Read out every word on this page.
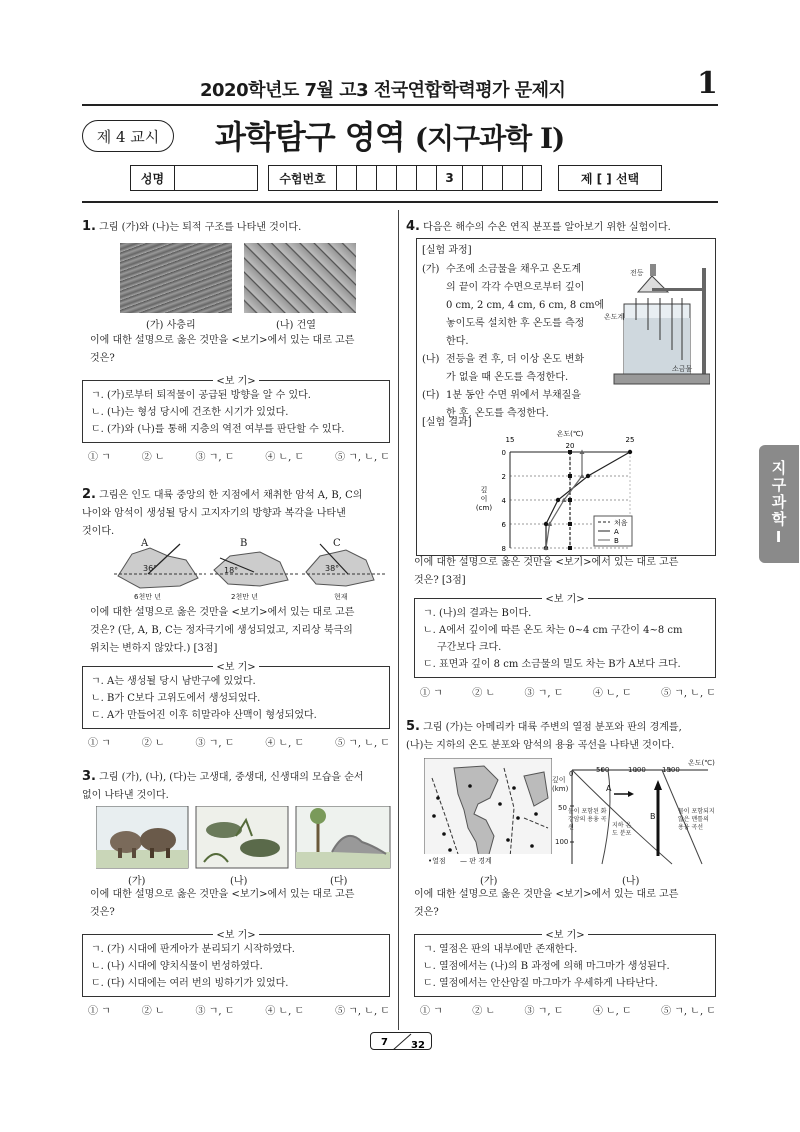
2020학년도 7월 고3 전국연합학력평가 문제지	1
제 4 교시	과학탐구 영역 (지구과학 Ⅰ)
성명	수험번호	3	제 [ ] 선택
지구과학Ⅰ
1. 그림 (가)와 (나)는 퇴적 구조를 나타낸 것이다.
(가) 사층리	(나) 건열
이에 대한 설명으로 옳은 것만을 <보기>에서 있는 대로 고른
것은?
<보 기>
ㄱ. (가)로부터 퇴적물이 공급된 방향을 알 수 있다.
ㄴ. (나)는 형성 당시에 건조한 시기가 있었다.
ㄷ. (가)와 (나)를 통해 지층의 역전 여부를 판단할 수 있다.
① ㄱ	② ㄴ	③ ㄱ, ㄷ	④ ㄴ, ㄷ	⑤ ㄱ, ㄴ, ㄷ
2. 그림은 인도 대륙 중앙의 한 지점에서 채취한 암석 A, B, C의
나이와 암석이 생성될 당시 고지자기의 방향과 복각을 나타낸
것이다.
A	B	C
36°	18°	38°
6천만 년	2천만 년	현재
이에 대한 설명으로 옳은 것만을 <보기>에서 있는 대로 고른
것은? (단, A, B, C는 정자극기에 생성되었고, 지리상 북극의
위치는 변하지 않았다.) [3점]
<보 기>
ㄱ. A는 생성될 당시 남반구에 있었다.
ㄴ. B가 C보다 고위도에서 생성되었다.
ㄷ. A가 만들어진 이후 히말라야 산맥이 형성되었다.
① ㄱ	② ㄴ	③ ㄱ, ㄷ	④ ㄴ, ㄷ	⑤ ㄱ, ㄴ, ㄷ
3. 그림 (가), (나), (다)는 고생대, 중생대, 신생대의 모습을 순서
없이 나타낸 것이다.
(가)	(나)	(다)
이에 대한 설명으로 옳은 것만을 <보기>에서 있는 대로 고른
것은?
<보 기>
ㄱ. (가) 시대에 판게아가 분리되기 시작하였다.
ㄴ. (나) 시대에 양치식물이 번성하였다.
ㄷ. (다) 시대에는 여러 번의 빙하기가 있었다.
① ㄱ	② ㄴ	③ ㄱ, ㄷ	④ ㄴ, ㄷ	⑤ ㄱ, ㄴ, ㄷ
4. 다음은 해수의 수온 연직 분포를 알아보기 위한 실험이다.
[실험 과정]
(가) 수조에 소금물을 채우고 온도계
의 끝이 각각 수면으로부터 깊이
0 cm, 2 cm, 4 cm, 6 cm, 8 cm에
놓이도록 설치한 후 온도를 측정
한다.
(나) 전등을 켠 후, 더 이상 온도 변화
가 없을 때 온도를 측정한다.
(다) 1분 동안 수면 위에서 부채질을
한 후, 온도를 측정한다.
전등
온도계
소금물
[실험 결과]
온도(℃)
15
20
25
0
2
4
6
8
깊 이 (cm)
처음
A
B
이에 대한 설명으로 옳은 것만을 <보기>에서 있는 대로 고른
것은? [3점]
<보 기>
ㄱ. (나)의 결과는 B이다.
ㄴ. A에서 깊이에 따른 온도 차는 0~4 cm 구간이 4~8 cm
구간보다 크다.
ㄷ. 표면과 깊이 8 cm 소금물의 밀도 차는 B가 A보다 크다.
① ㄱ	② ㄴ	③ ㄱ, ㄷ	④ ㄴ, ㄷ	⑤ ㄱ, ㄴ, ㄷ
5. 그림 (가)는 아메리카 대륙 주변의 열점 분포와 판의 경계를,
(나)는 지하의 온도 분포와 암석의 용융 곡선을 나타낸 것이다.
•열점 — 판 경계
온도(℃)
0	500	1000 1500
깊이 (km)
50
100
A
B
물이 포함된 화강암의 용융 곡선	지하 온도 분포
물이 포함되지 않은 맨틀의 용융 곡선
(가)	(나)
이에 대한 설명으로 옳은 것만을 <보기>에서 있는 대로 고른
것은?
<보 기>
ㄱ. 열점은 판의 내부에만 존재한다.
ㄴ. 열점에서는 (나)의 B 과정에 의해 마그마가 생성된다.
ㄷ. 열점에서는 안산암질 마그마가 우세하게 나타난다.
① ㄱ	② ㄴ	③ ㄱ, ㄷ	④ ㄴ, ㄷ	⑤ ㄱ, ㄴ, ㄷ
7 32
